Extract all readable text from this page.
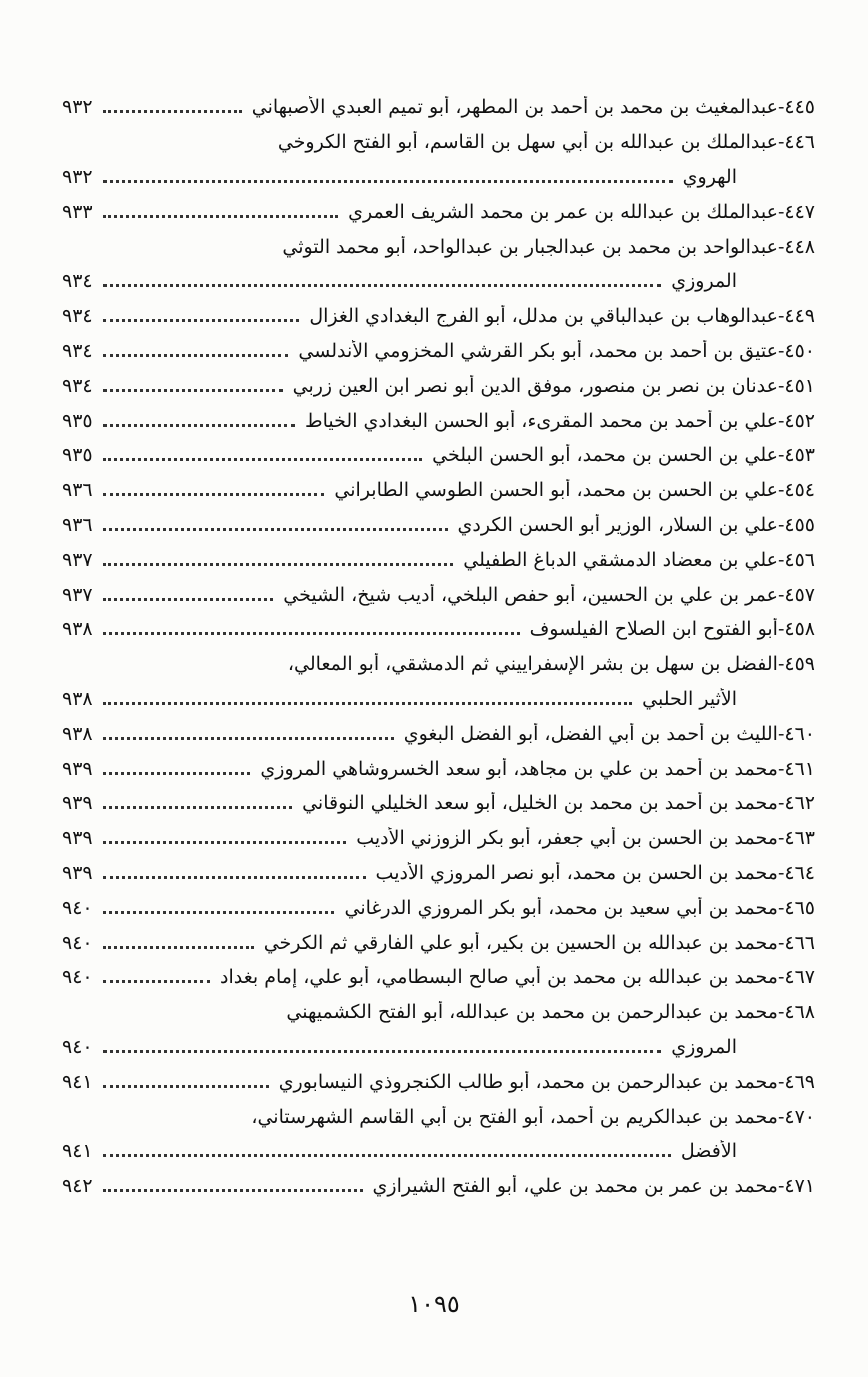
٤٤٥-
عبدالمغيث بن محمد بن أحمد بن المطهر، أبو تميم العبدي الأصبهاني
٩٣٢
٤٤٦-
عبدالملك بن عبدالله بن أبي سهل بن القاسم، أبو الفتح الكروخي
الهروي
٩٣٢
٤٤٧-
عبدالملك بن عبدالله بن عمر بن محمد الشريف العمري
٩٣٣
٤٤٨-
عبدالواحد بن محمد بن عبدالجبار بن عبدالواحد، أبو محمد التوثي
المروزي
٩٣٤
٤٤٩-
عبدالوهاب بن عبدالباقي بن مدلل، أبو الفرج البغدادي الغزال
٩٣٤
٤٥٠-
عتيق بن أحمد بن محمد، أبو بكر القرشي المخزومي الأندلسي
٩٣٤
٤٥١-
عدنان بن نصر بن منصور، موفق الدين أبو نصر ابن العين زربي
٩٣٤
٤٥٢-
علي بن أحمد بن محمد المقرىء، أبو الحسن البغدادي الخياط
٩٣٥
٤٥٣-
علي بن الحسن بن محمد، أبو الحسن البلخي
٩٣٥
٤٥٤-
علي بن الحسن بن محمد، أبو الحسن الطوسي الطابراني
٩٣٦
٤٥٥-
علي بن السلار، الوزير أبو الحسن الكردي
٩٣٦
٤٥٦-
علي بن معضاد الدمشقي الدباغ الطفيلي
٩٣٧
٤٥٧-
عمر بن علي بن الحسين، أبو حفص البلخي، أديب شيخ، الشيخي
٩٣٧
٤٥٨-
أبو الفتوح ابن الصلاح الفيلسوف
٩٣٨
٤٥٩-
الفضل بن سهل بن بشر الإسفراييني ثم الدمشقي، أبو المعالي،
الأثير الحلبي
٩٣٨
٤٦٠-
الليث بن أحمد بن أبي الفضل، أبو الفضل البغوي
٩٣٨
٤٦١-
محمد بن أحمد بن علي بن مجاهد، أبو سعد الخسروشاهي المروزي
٩٣٩
٤٦٢-
محمد بن أحمد بن محمد بن الخليل، أبو سعد الخليلي النوقاني
٩٣٩
٤٦٣-
محمد بن الحسن بن أبي جعفر، أبو بكر الزوزني الأديب
٩٣٩
٤٦٤-
محمد بن الحسن بن محمد، أبو نصر المروزي الأديب
٩٣٩
٤٦٥-
محمد بن أبي سعيد بن محمد، أبو بكر المروزي الدرغاني
٩٤٠
٤٦٦-
محمد بن عبدالله بن الحسين بن بكير، أبو علي الفارقي ثم الكرخي
٩٤٠
٤٦٧-
محمد بن عبدالله بن محمد بن أبي صالح البسطامي، أبو علي، إمام بغداد
٩٤٠
٤٦٨-
محمد بن عبدالرحمن بن محمد بن عبدالله، أبو الفتح الكشميهني
المروزي
٩٤٠
٤٦٩-
محمد بن عبدالرحمن بن محمد، أبو طالب الكنجروذي النيسابوري
٩٤١
٤٧٠-
محمد بن عبدالكريم بن أحمد، أبو الفتح بن أبي القاسم الشهرستاني،
الأفضل
٩٤١
٤٧١-
محمد بن عمر بن محمد بن علي، أبو الفتح الشيرازي
٩٤٢
١٠٩٥
